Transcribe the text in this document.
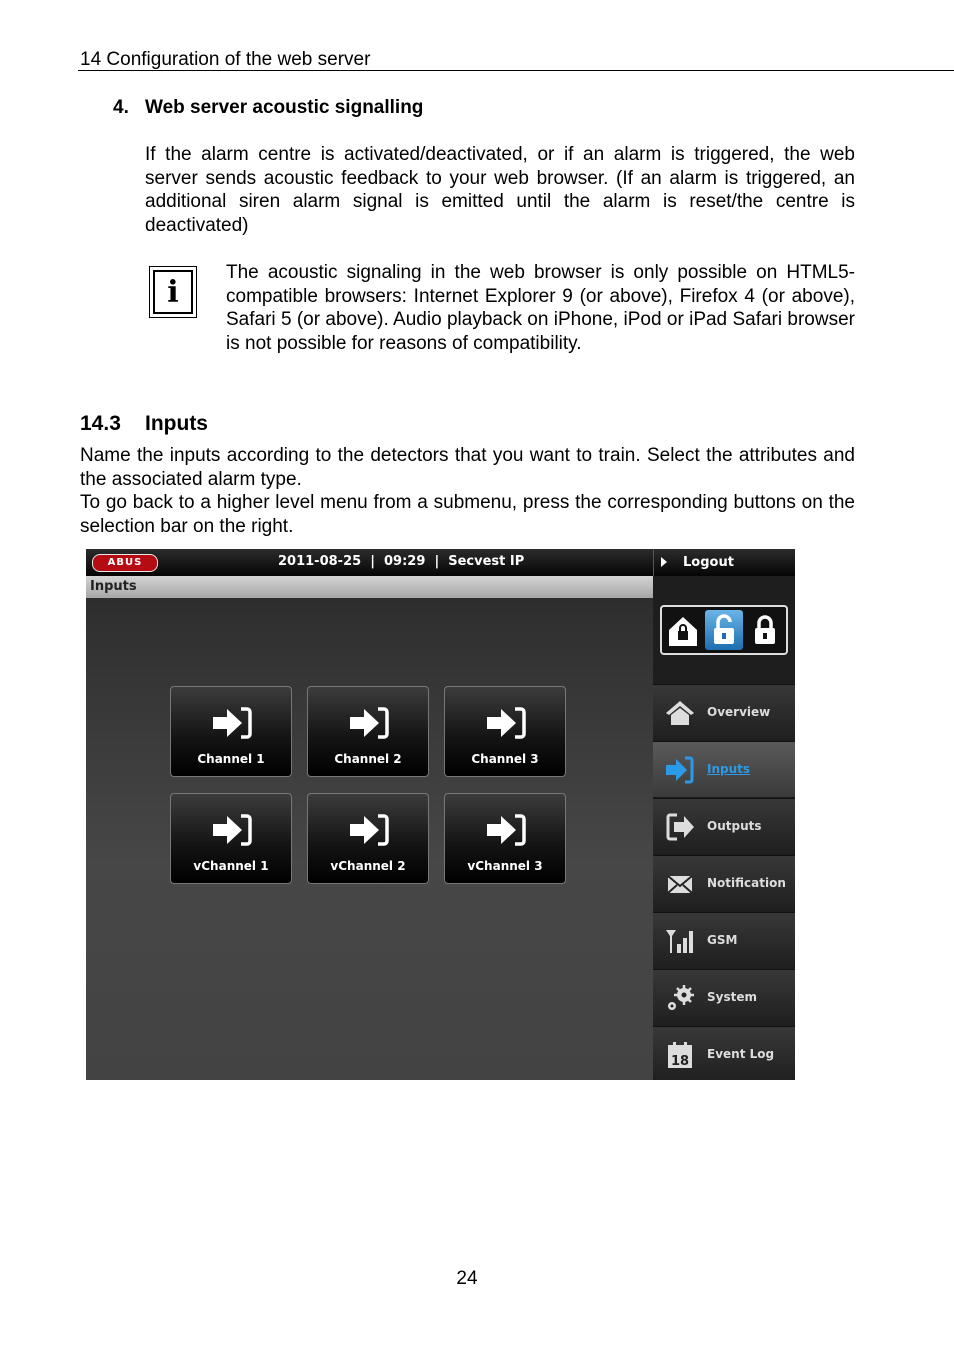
14 Configuration of the web server
4. Web server acoustic signalling
If the alarm centre is activated/deactivated, or if an alarm is triggered, the web server sends acoustic feedback to your web browser. (If an alarm is triggered, an additional siren alarm signal is emitted until the alarm is reset/the centre is deactivated)
i
The acoustic signaling in the web browser is only possible on HTML5-compatible browsers: Internet Explorer 9 (or above), Firefox 4 (or above), Safari 5 (or above). Audio playback on iPhone, iPod or iPad Safari browser is not possible for reasons of compatibility.
14.3 Inputs
Name the inputs according to the detectors that you want to train. Select the attributes and the associated alarm type.
To go back to a higher level menu from a submenu, press the corresponding buttons on the selection bar on the right.
ABUS	2011-08-25  |  09:29  |  Secvest IP
Inputs
Channel 1	Channel 2	Channel 3
vChannel 1	vChannel 2	vChannel 3
Logout
Overview
Inputs
Outputs
Notification
GSM
System
18 Event Log
24
